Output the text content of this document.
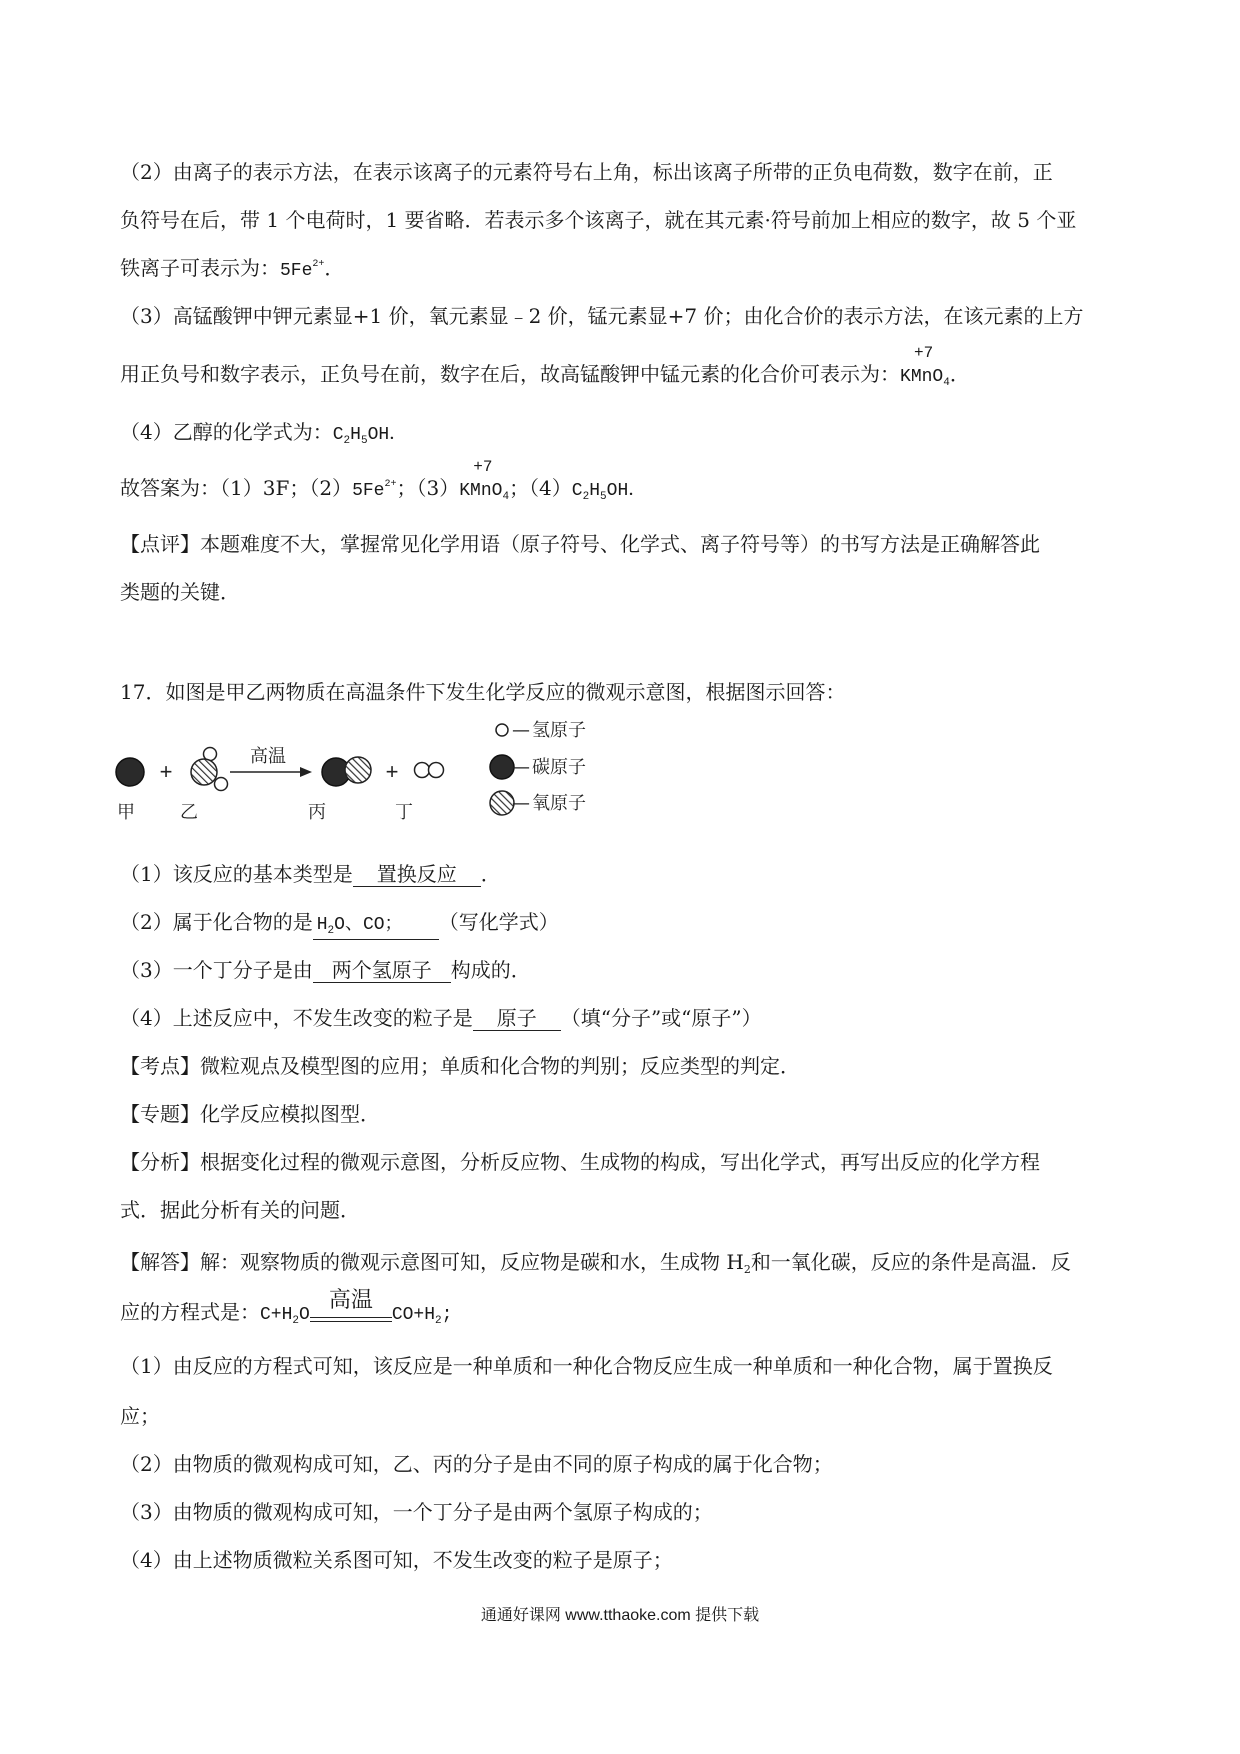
（2）由离子的表示方法，在表示该离子的元素符号右上角，标出该离子所带的正负电荷数，数字在前，正
负符号在后，带 1 个电荷时，1 要省略．若表示多个该离子，就在其元素·符号前加上相应的数字，故 5 个亚
铁离子可表示为：$5Fe^{2+}$．
（3）高锰酸钾中钾元素显+1 价，氧元素显﹣2 价，锰元素显+7 价；由化合价的表示方法，在该元素的上方
用正负号和数字表示，正负号在前，数字在后，故高锰酸钾中锰元素的化合价可表示为：
+7
KMnO$_4$．
（4）乙醇的化学式为：$C_2H_5OH$．
故答案为：（1）3F；$(2)5Fe^{2+}$；（3）
+7
KMnO$_4$；$(4)C_2H_5OH$．
【点评】本题难度不大，掌握常见化学用语（原子符号、化学式、离子符号等）的书写方法是正确解答此
类题的关键．
17．如图是甲乙两物质在高温条件下发生化学反应的微观示意图，根据图示回答：
+
高温
+
甲	乙	丙	丁
— 氢原子
— 碳原子
— 氧原子
（1）该反应的基本类型是 置换反应 ．
（2）属于化合物的是 $H_2O$、CO； （写化学式）
（3）一个丁分子是由 两个氢原子 构成的．
（4）上述反应中，不发生改变的粒子是 原子 （填“分子”或“原子”）
【考点】微粒观点及模型图的应用；单质和化合物的判别；反应类型的判定．
【专题】化学反应模拟图型．
【分析】根据变化过程的微观示意图，分析反应物、生成物的构成，写出化学式，再写出反应的化学方程
式．据此分析有关的问题．
【解答】解：观察物质的微观示意图可知，反应物是碳和水，生成物 $H_2$和一氧化碳，反应的条件是高温．反
应的方程式是：$C+H_2O$
高温
$CO+H_2$;
（1）由反应的方程式可知，该反应是一种单质和一种化合物反应生成一种单质和一种化合物，属于置换反
应；
（2）由物质的微观构成可知，乙、丙的分子是由不同的原子构成的属于化合物；
（3）由物质的微观构成可知，一个丁分子是由两个氢原子构成的；
（4）由上述物质微粒关系图可知，不发生改变的粒子是原子；
通通好课网 www.tthaoke.com 提供下载
